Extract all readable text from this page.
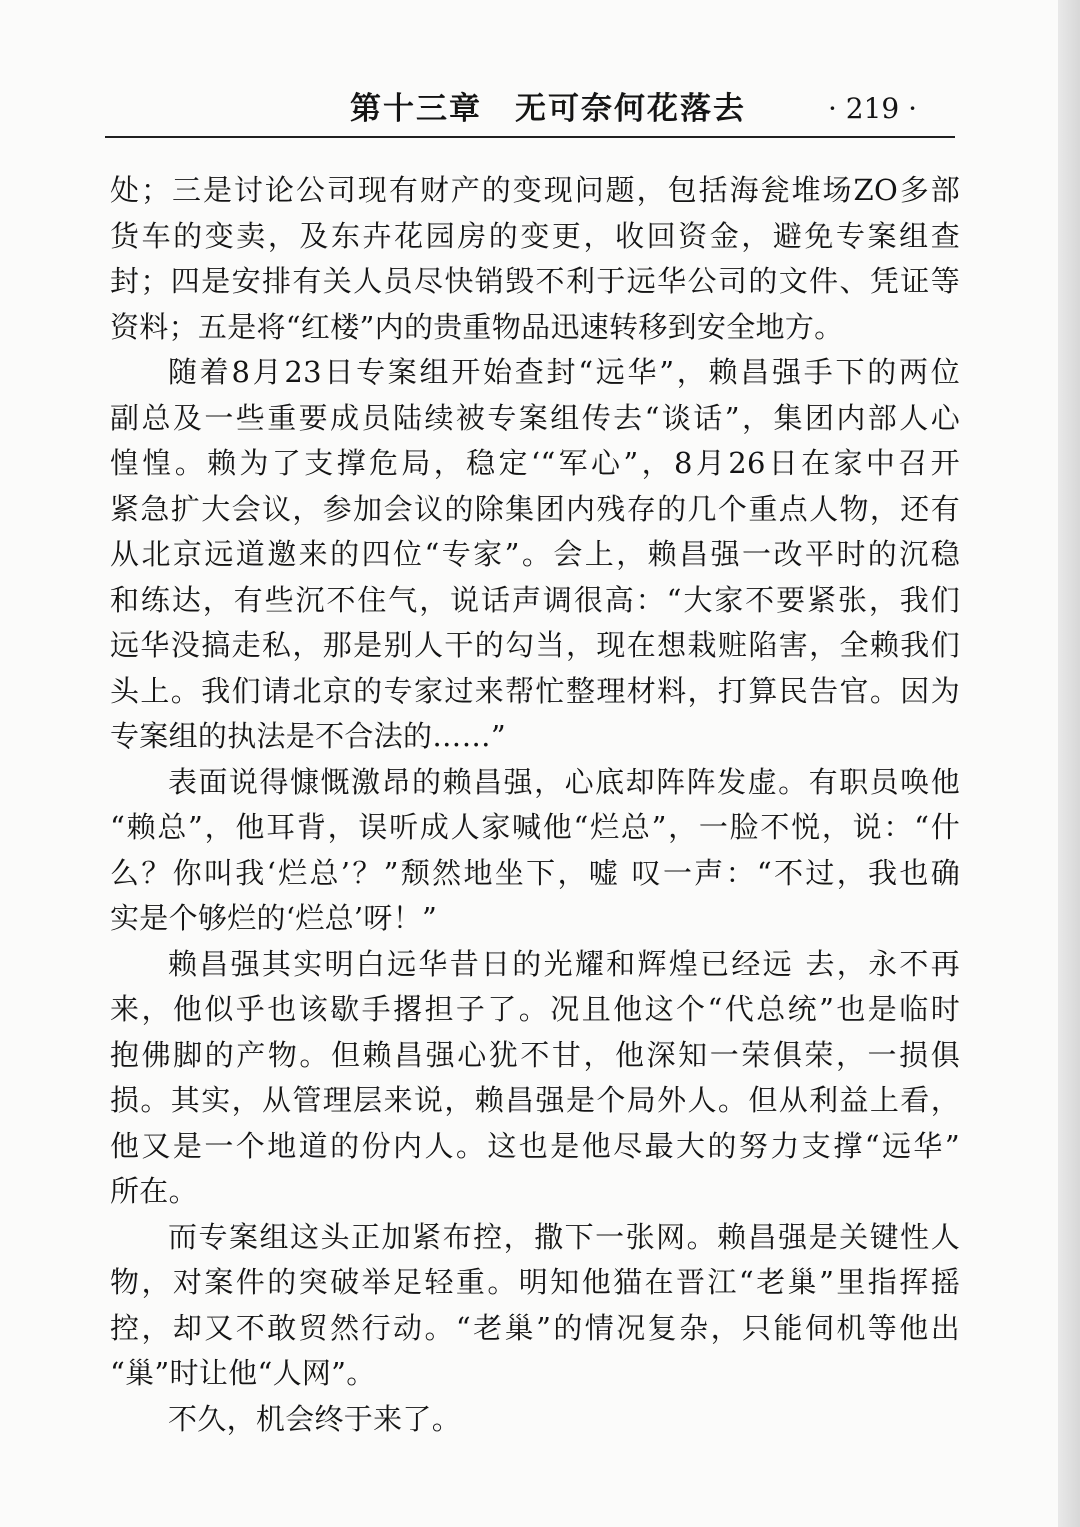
第十三章　无可奈何花落去	· 219 ·
处；三是讨论公司现有财产的变现问题，包括海瓮堆场ZO多部
货车的变卖，及东卉花园房的变更，收回资金，避免专案组查
封；四是安排有关人员尽快销毁不利于远华公司的文件、凭证等
资料；五是将“红楼”内的贵重物品迅速转移到安全地方。
随着8月23日专案组开始查封“远华”，赖昌强手下的两位
副总及一些重要成员陆续被专案组传去“谈话”，集团内部人心
惶惶。赖为了支撑危局，稳定‘“军心”，8月26日在家中召开
紧急扩大会议，参加会议的除集团内残存的几个重点人物，还有
从北京远道邀来的四位“专家”。会上，赖昌强一改平时的沉稳
和练达，有些沉不住气，说话声调很高：“大家不要紧张，我们
远华没搞走私，那是别人干的勾当，现在想栽赃陷害，全赖我们
头上。我们请北京的专家过来帮忙整理材料，打算民告官。因为
专案组的执法是不合法的……”
表面说得慷慨激昂的赖昌强，心底却阵阵发虚。有职员唤他
“赖总”，他耳背，误听成人家喊他“烂总”，一脸不悦，说：“什
么？你叫我‘烂总’？”颓然地坐下，嘘 叹一声：“不过，我也确
实是个够烂的‘烂总’呀！”
赖昌强其实明白远华昔日的光耀和辉煌已经远 去，永不再
来，他似乎也该歇手撂担子了。况且他这个“代总统”也是临时
抱佛脚的产物。但赖昌强心犹不甘，他深知一荣俱荣，一损俱
损。其实，从管理层来说，赖昌强是个局外人。但从利益上看，
他又是一个地道的份内人。这也是他尽最大的努力支撑“远华”
所在。
而专案组这头正加紧布控，撒下一张网。赖昌强是关键性人
物，对案件的突破举足轻重。明知他猫在晋江“老巢”里指挥摇
控，却又不敢贸然行动。“老巢”的情况复杂，只能伺机等他出
“巢”时让他“人网”。
不久，机会终于来了。
